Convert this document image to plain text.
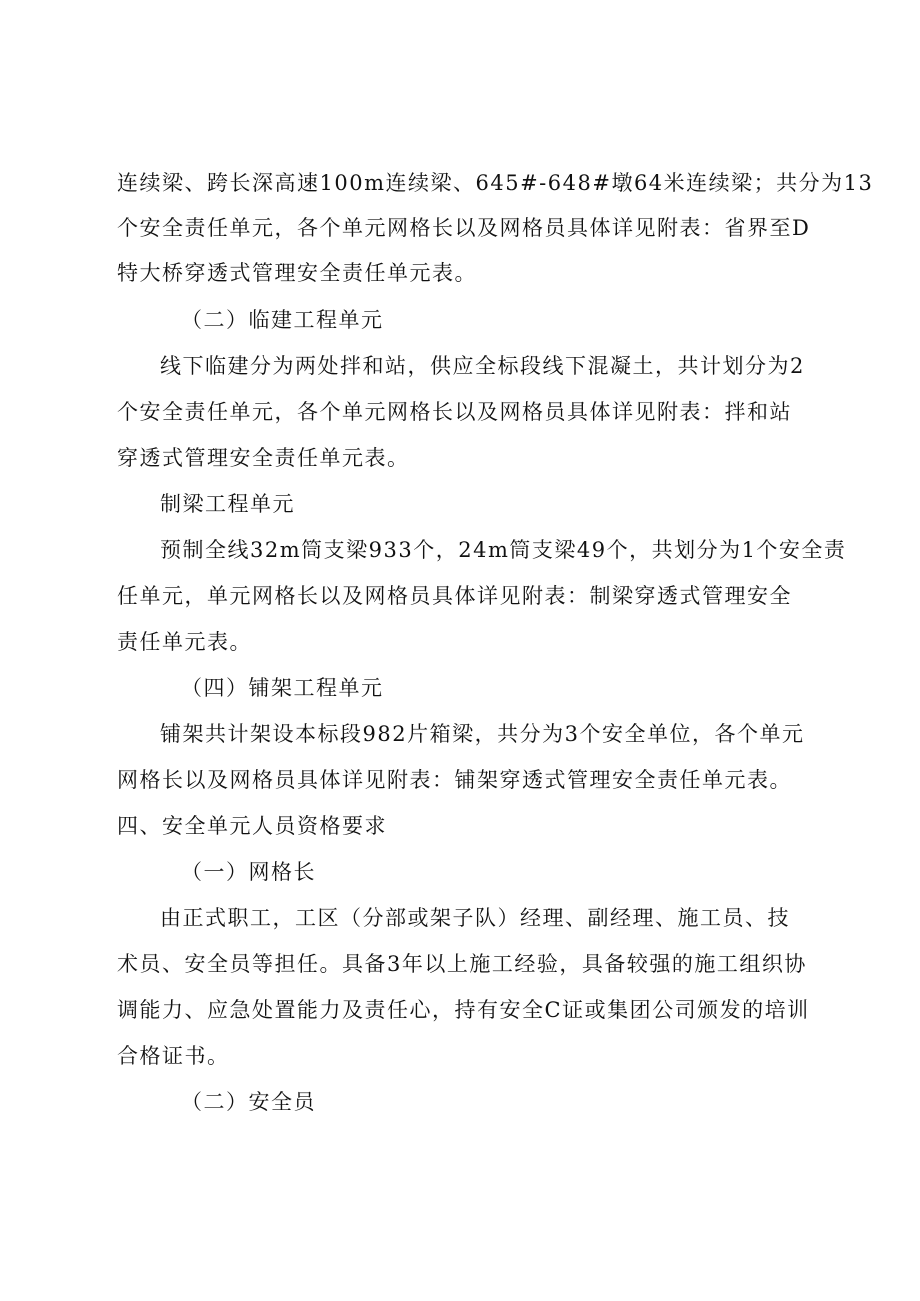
连续梁、跨长深高速100m连续梁、645#-648#墩64米连续梁；共分为13

个安全责任单元，各个单元网格长以及网格员具体详见附表：省界至D

特大桥穿透式管理安全责任单元表。

（二）临建工程单元

线下临建分为两处拌和站，供应全标段线下混凝土，共计划分为2

个安全责任单元，各个单元网格长以及网格员具体详见附表：拌和站

穿透式管理安全责任单元表。

制梁工程单元

预制全线32m筒支梁933个，24m筒支梁49个，共划分为1个安全责

任单元，单元网格长以及网格员具体详见附表：制梁穿透式管理安全

责任单元表。

（四）铺架工程单元

铺架共计架设本标段982片箱梁，共分为3个安全单位，各个单元

网格长以及网格员具体详见附表：铺架穿透式管理安全责任单元表。

四、安全单元人员资格要求

（一）网格长

由正式职工，工区（分部或架子队）经理、副经理、施工员、技

术员、安全员等担任。具备3年以上施工经验，具备较强的施工组织协

调能力、应急处置能力及责任心，持有安全C证或集团公司颁发的培训

合格证书。

（二）安全员
